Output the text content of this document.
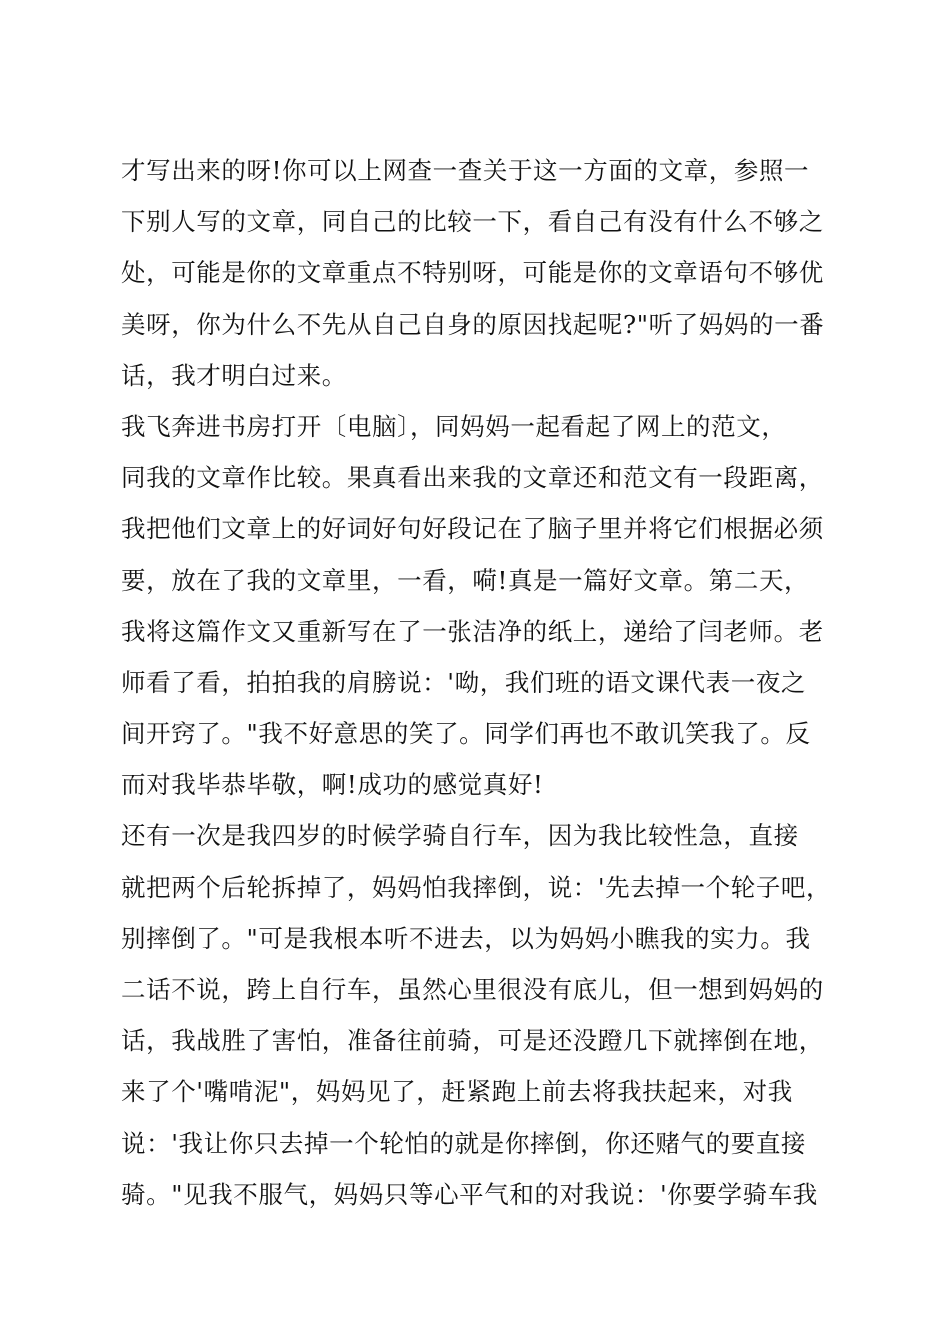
才写出来的呀!你可以上网查一查关于这一方面的文章，参照一
下别人写的文章，同自己的比较一下，看自己有没有什么不够之
处，可能是你的文章重点不特别呀，可能是你的文章语句不够优
美呀，你为什么不先从自己自身的原因找起呢?"听了妈妈的一番
话，我才明白过来。
我飞奔进书房打开〔电脑〕，同妈妈一起看起了网上的范文，
同我的文章作比较。果真看出来我的文章还和范文有一段距离，
我把他们文章上的好词好句好段记在了脑子里并将它们根据必须
要，放在了我的文章里，一看，嗬!真是一篇好文章。第二天，
我将这篇作文又重新写在了一张洁净的纸上，递给了闫老师。老
师看了看，拍拍我的肩膀说：'呦，我们班的语文课代表一夜之
间开窍了。"我不好意思的笑了。同学们再也不敢讥笑我了。反
而对我毕恭毕敬，啊!成功的感觉真好!
还有一次是我四岁的时候学骑自行车，因为我比较性急，直接
就把两个后轮拆掉了，妈妈怕我摔倒，说：'先去掉一个轮子吧，
别摔倒了。"可是我根本听不进去，以为妈妈小瞧我的实力。我
二话不说，跨上自行车，虽然心里很没有底儿，但一想到妈妈的
话，我战胜了害怕，准备往前骑，可是还没蹬几下就摔倒在地，
来了个'嘴啃泥"，妈妈见了，赶紧跑上前去将我扶起来，对我
说：'我让你只去掉一个轮怕的就是你摔倒，你还赌气的要直接
骑。"见我不服气，妈妈只等心平气和的对我说：'你要学骑车我
